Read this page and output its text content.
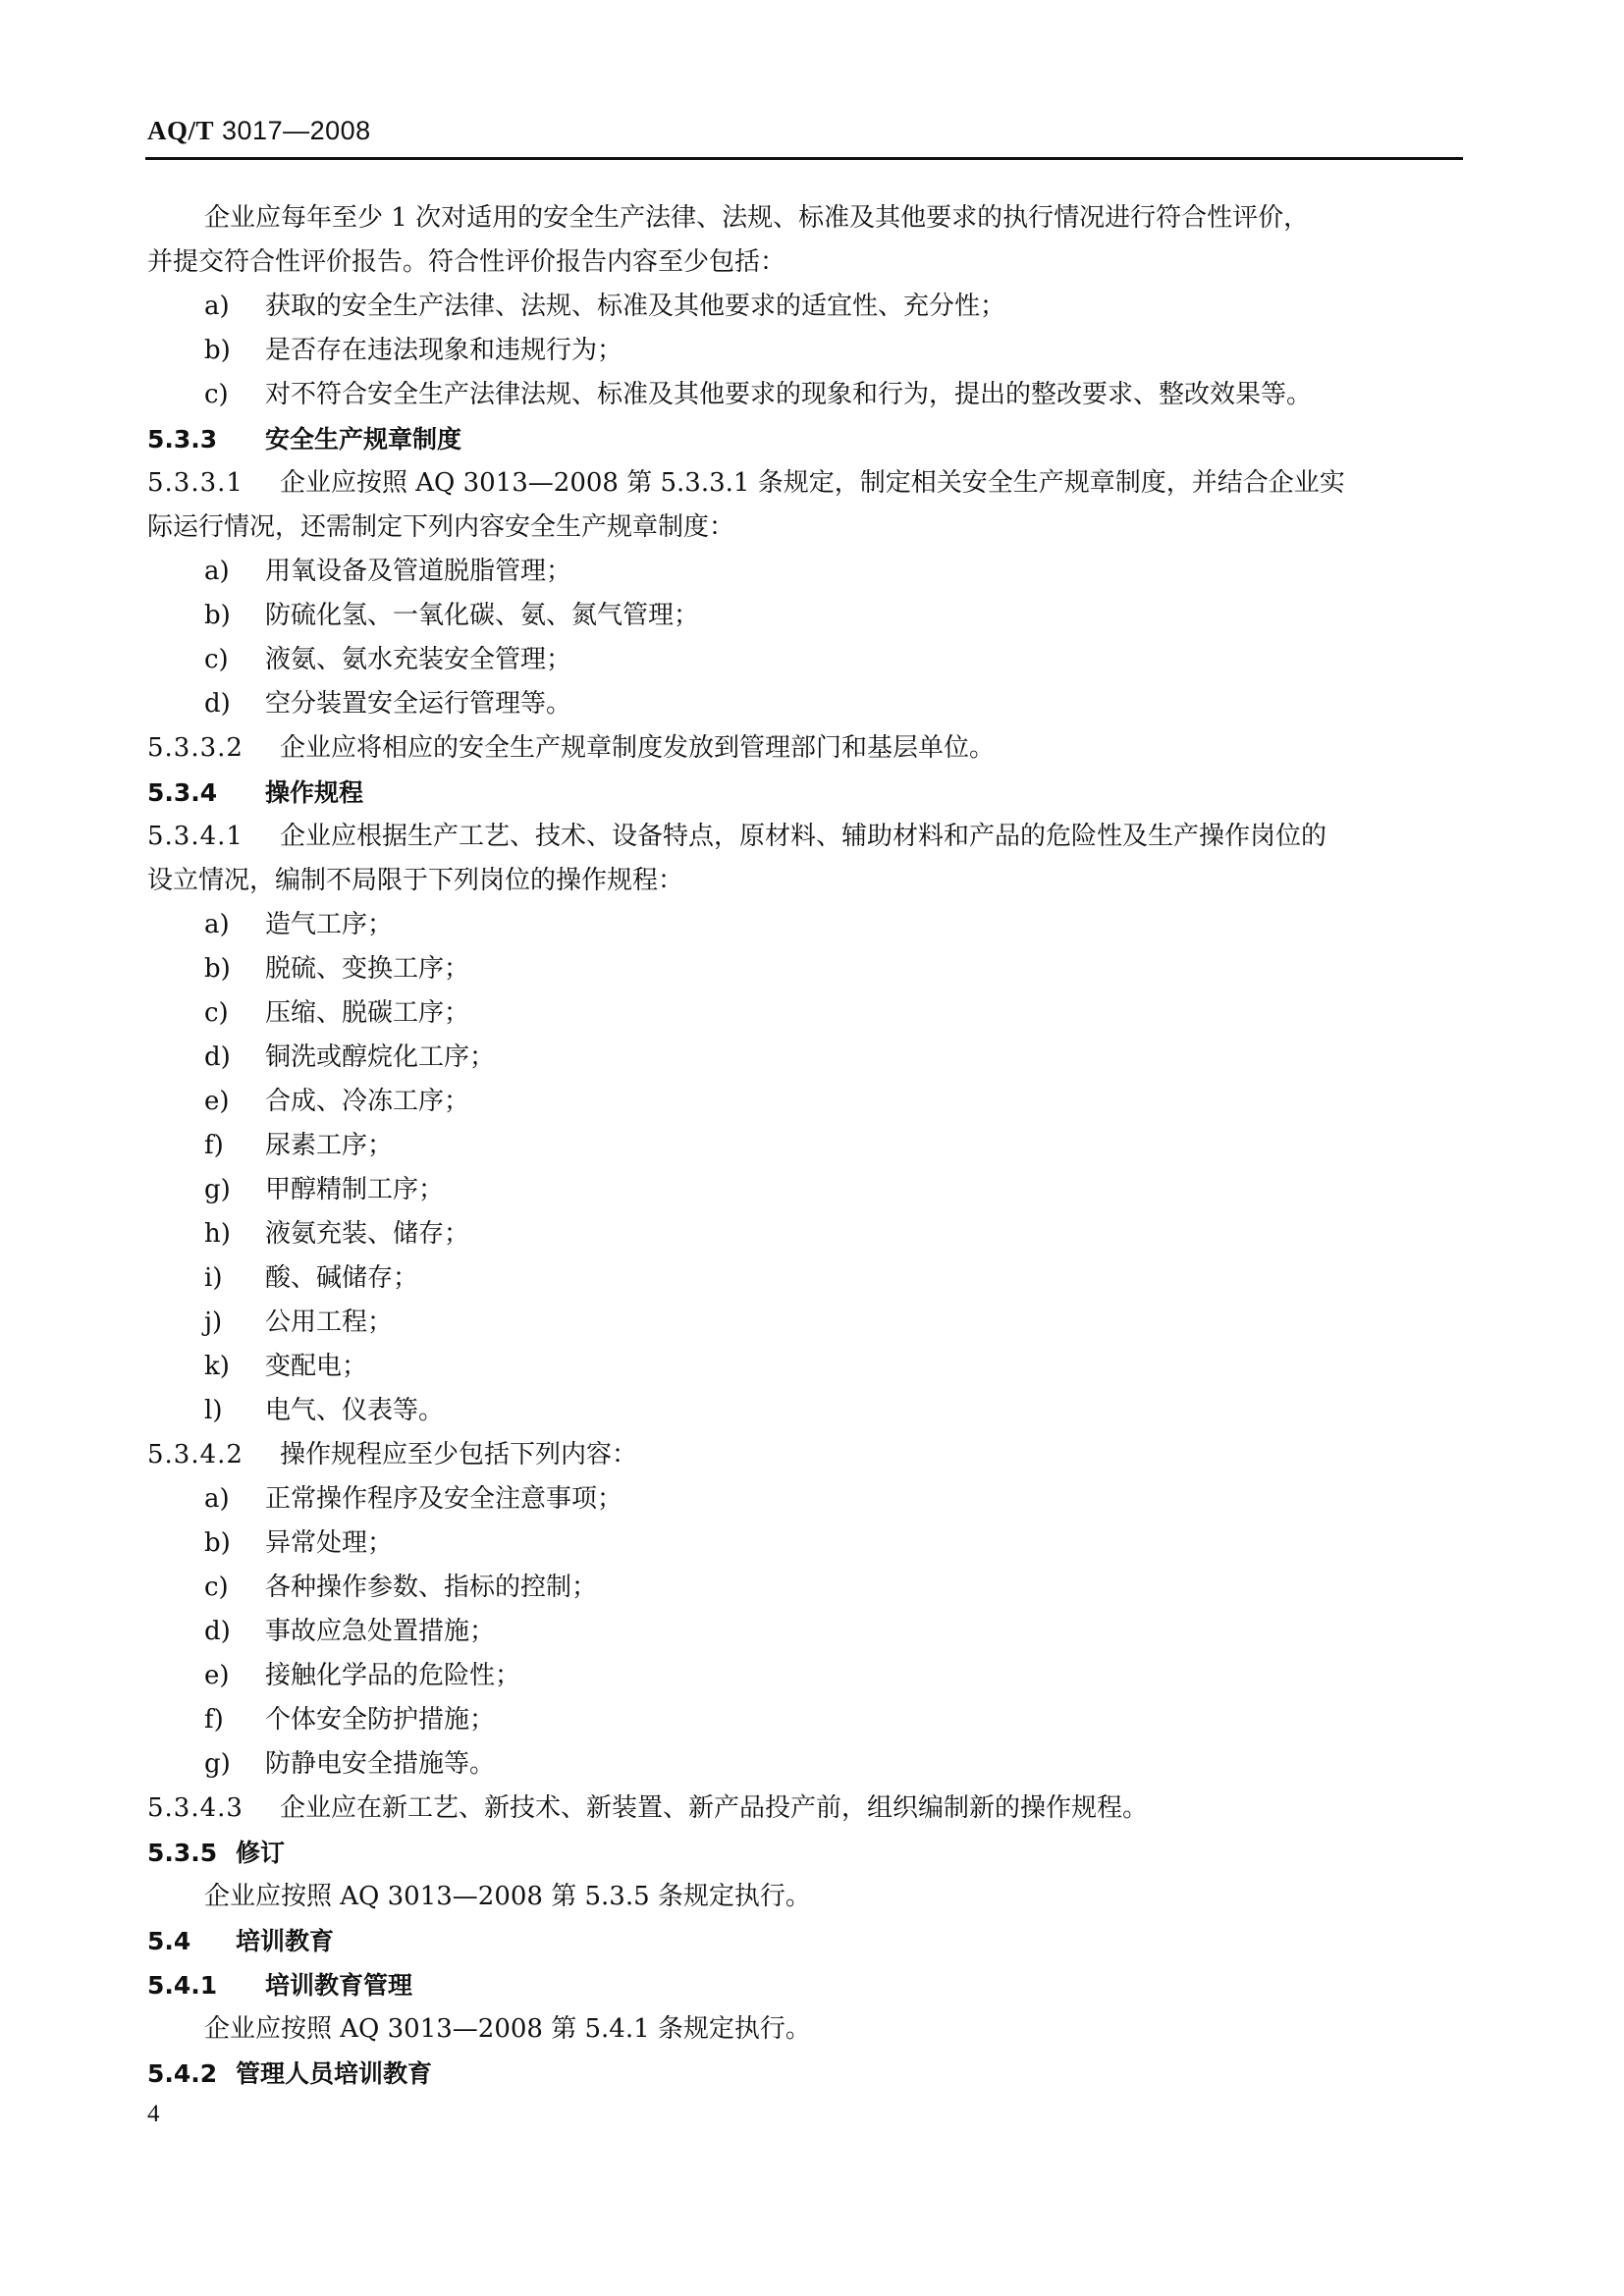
AQ/T 3017—2008
企业应每年至少 1 次对适用的安全生产法律、法规、标准及其他要求的执行情况进行符合性评价，
并提交符合性评价报告。符合性评价报告内容至少包括：
a)	获取的安全生产法律、法规、标准及其他要求的适宜性、充分性；
b)	是否存在违法现象和违规行为；
c)	对不符合安全生产法律法规、标准及其他要求的现象和行为，提出的整改要求、整改效果等。
5.3.3 安全生产规章制度
5.3.3.1 企业应按照 AQ 3013—2008 第 5.3.3.1 条规定，制定相关安全生产规章制度，并结合企业实
际运行情况，还需制定下列内容安全生产规章制度：
a)	用氧设备及管道脱脂管理；
b)	防硫化氢、一氧化碳、氨、氮气管理；
c)	液氨、氨水充装安全管理；
d)	空分装置安全运行管理等。
5.3.3.2 企业应将相应的安全生产规章制度发放到管理部门和基层单位。
5.3.4 操作规程
5.3.4.1 企业应根据生产工艺、技术、设备特点，原材料、辅助材料和产品的危险性及生产操作岗位的
设立情况，编制不局限于下列岗位的操作规程：
a)	造气工序；
b)	脱硫、变换工序；
c)	压缩、脱碳工序；
d)	铜洗或醇烷化工序；
e)	合成、冷冻工序；
f)	尿素工序；
g)	甲醇精制工序；
h)	液氨充装、储存；
i)	酸、碱储存；
j)	公用工程；
k)	变配电；
l)	电气、仪表等。
5.3.4.2 操作规程应至少包括下列内容：
a)	正常操作程序及安全注意事项；
b)	异常处理；
c)	各种操作参数、指标的控制；
d)	事故应急处置措施；
e)	接触化学品的危险性；
f)	个体安全防护措施；
g)	防静电安全措施等。
5.3.4.3 企业应在新工艺、新技术、新装置、新产品投产前，组织编制新的操作规程。
5.3.5 修订
企业应按照 AQ 3013—2008 第 5.3.5 条规定执行。
5.4 培训教育
5.4.1 培训教育管理
企业应按照 AQ 3013—2008 第 5.4.1 条规定执行。
5.4.2 管理人员培训教育
4
